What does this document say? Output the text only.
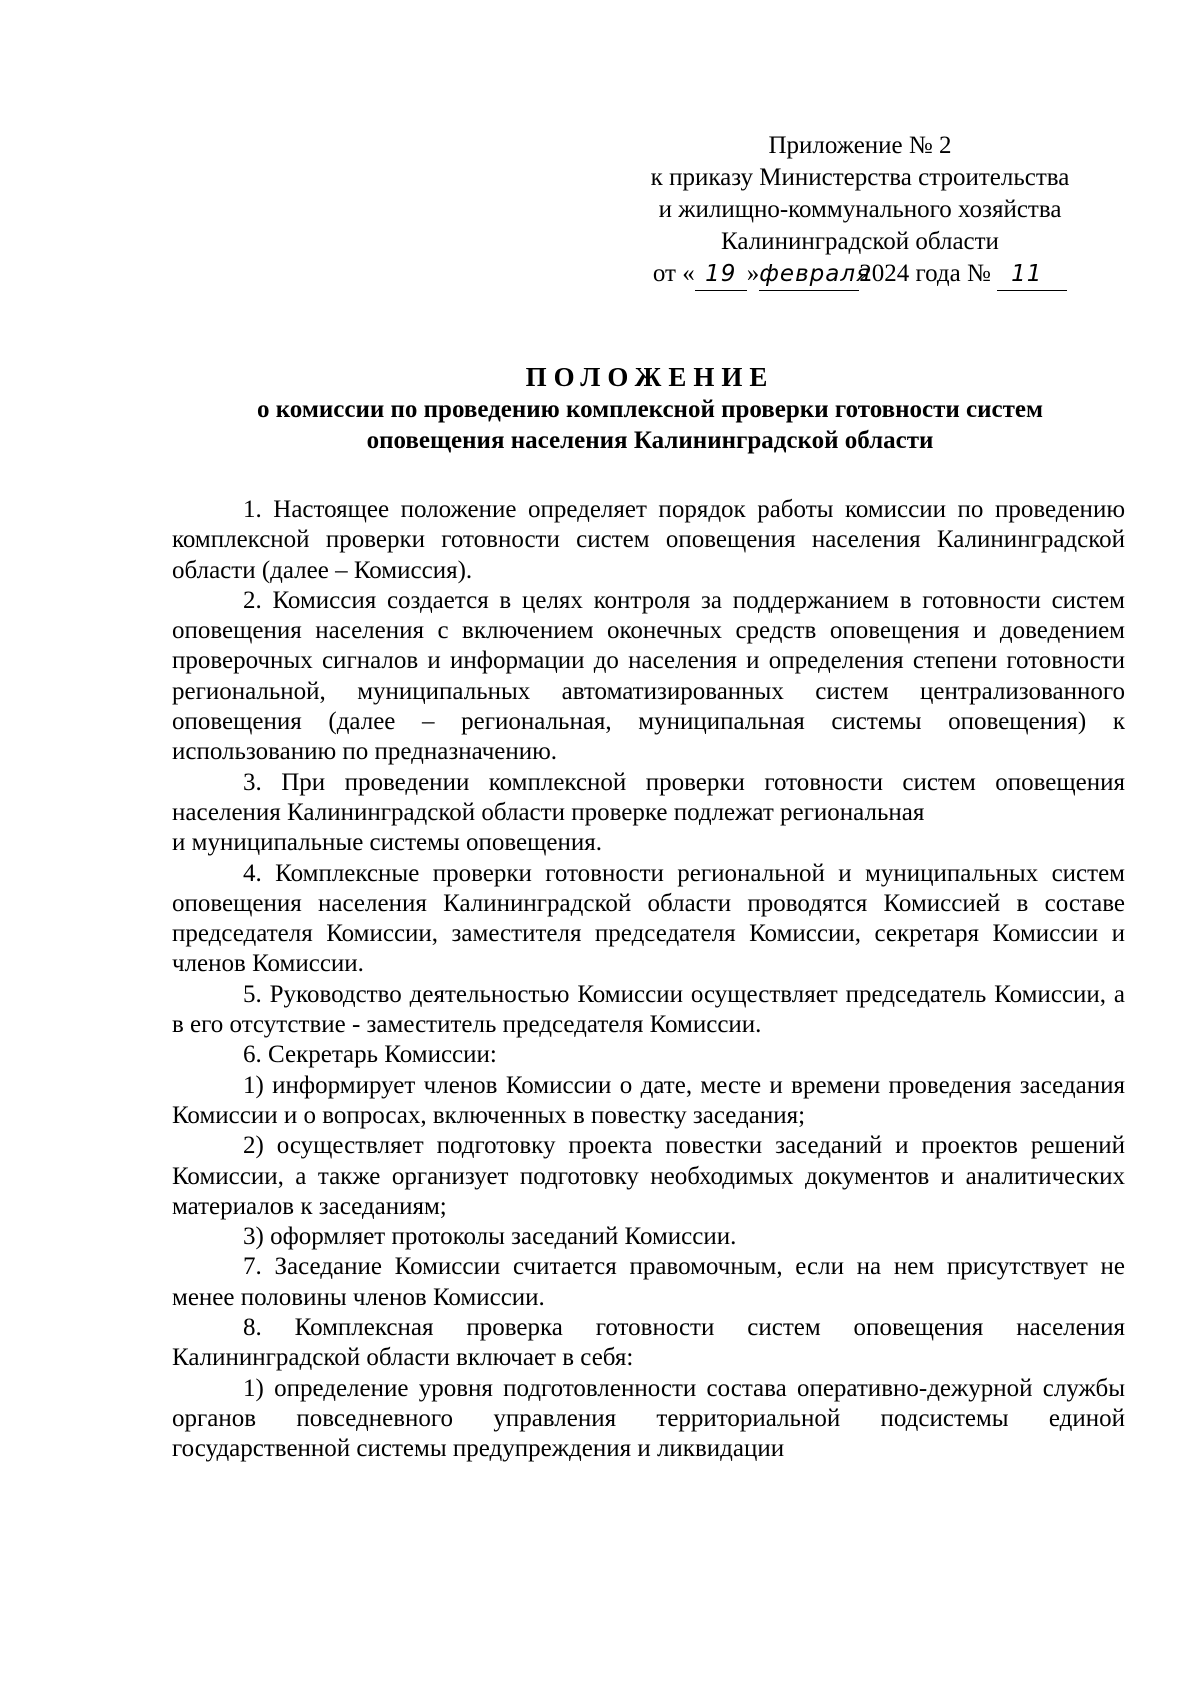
Приложение № 2
к приказу Министерства строительства
и жилищно-коммунального хозяйства
Калининградской области
от « 19 »февраля2024 года № 11
ПОЛОЖЕНИЕ
о комиссии по проведению комплексной проверки готовности систем
оповещения населения Калининградской области

1. Настоящее положение определяет порядок работы комиссии по проведению комплексной проверки готовности систем оповещения населения Калининградской области (далее – Комиссия).

2. Комиссия создается в целях контроля за поддержанием в готовности систем оповещения населения с включением оконечных средств оповещения и доведением проверочных сигналов и информации до населения и определения степени готовности региональной, муниципальных автоматизированных систем централизованного оповещения (далее – региональная, муниципальная системы оповещения) к использованию по предназначению.

3. При проведении комплексной проверки готовности систем оповещения населения Калининградской области проверке подлежат региональная

и муниципальные системы оповещения.

4. Комплексные проверки готовности региональной и муниципальных систем оповещения населения Калининградской области проводятся Комиссией в составе председателя Комиссии, заместителя председателя Комиссии, секретаря Комиссии и членов Комиссии.

5. Руководство деятельностью Комиссии осуществляет председатель Комиссии, а в его отсутствие - заместитель председателя Комиссии.

6. Секретарь Комиссии:

1) информирует членов Комиссии о дате, месте и времени проведения заседания Комиссии и о вопросах, включенных в повестку заседания;

2) осуществляет подготовку проекта повестки заседаний и проектов решений Комиссии, а также организует подготовку необходимых документов и аналитических материалов к заседаниям;

3) оформляет протоколы заседаний Комиссии.

7. Заседание Комиссии считается правомочным, если на нем присутствует не менее половины членов Комиссии.

8. Комплексная проверка готовности систем оповещения населения Калининградской области включает в себя:

1) определение уровня подготовленности состава оперативно-дежурной службы органов повседневного управления территориальной подсистемы единой государственной системы предупреждения и ликвидации
